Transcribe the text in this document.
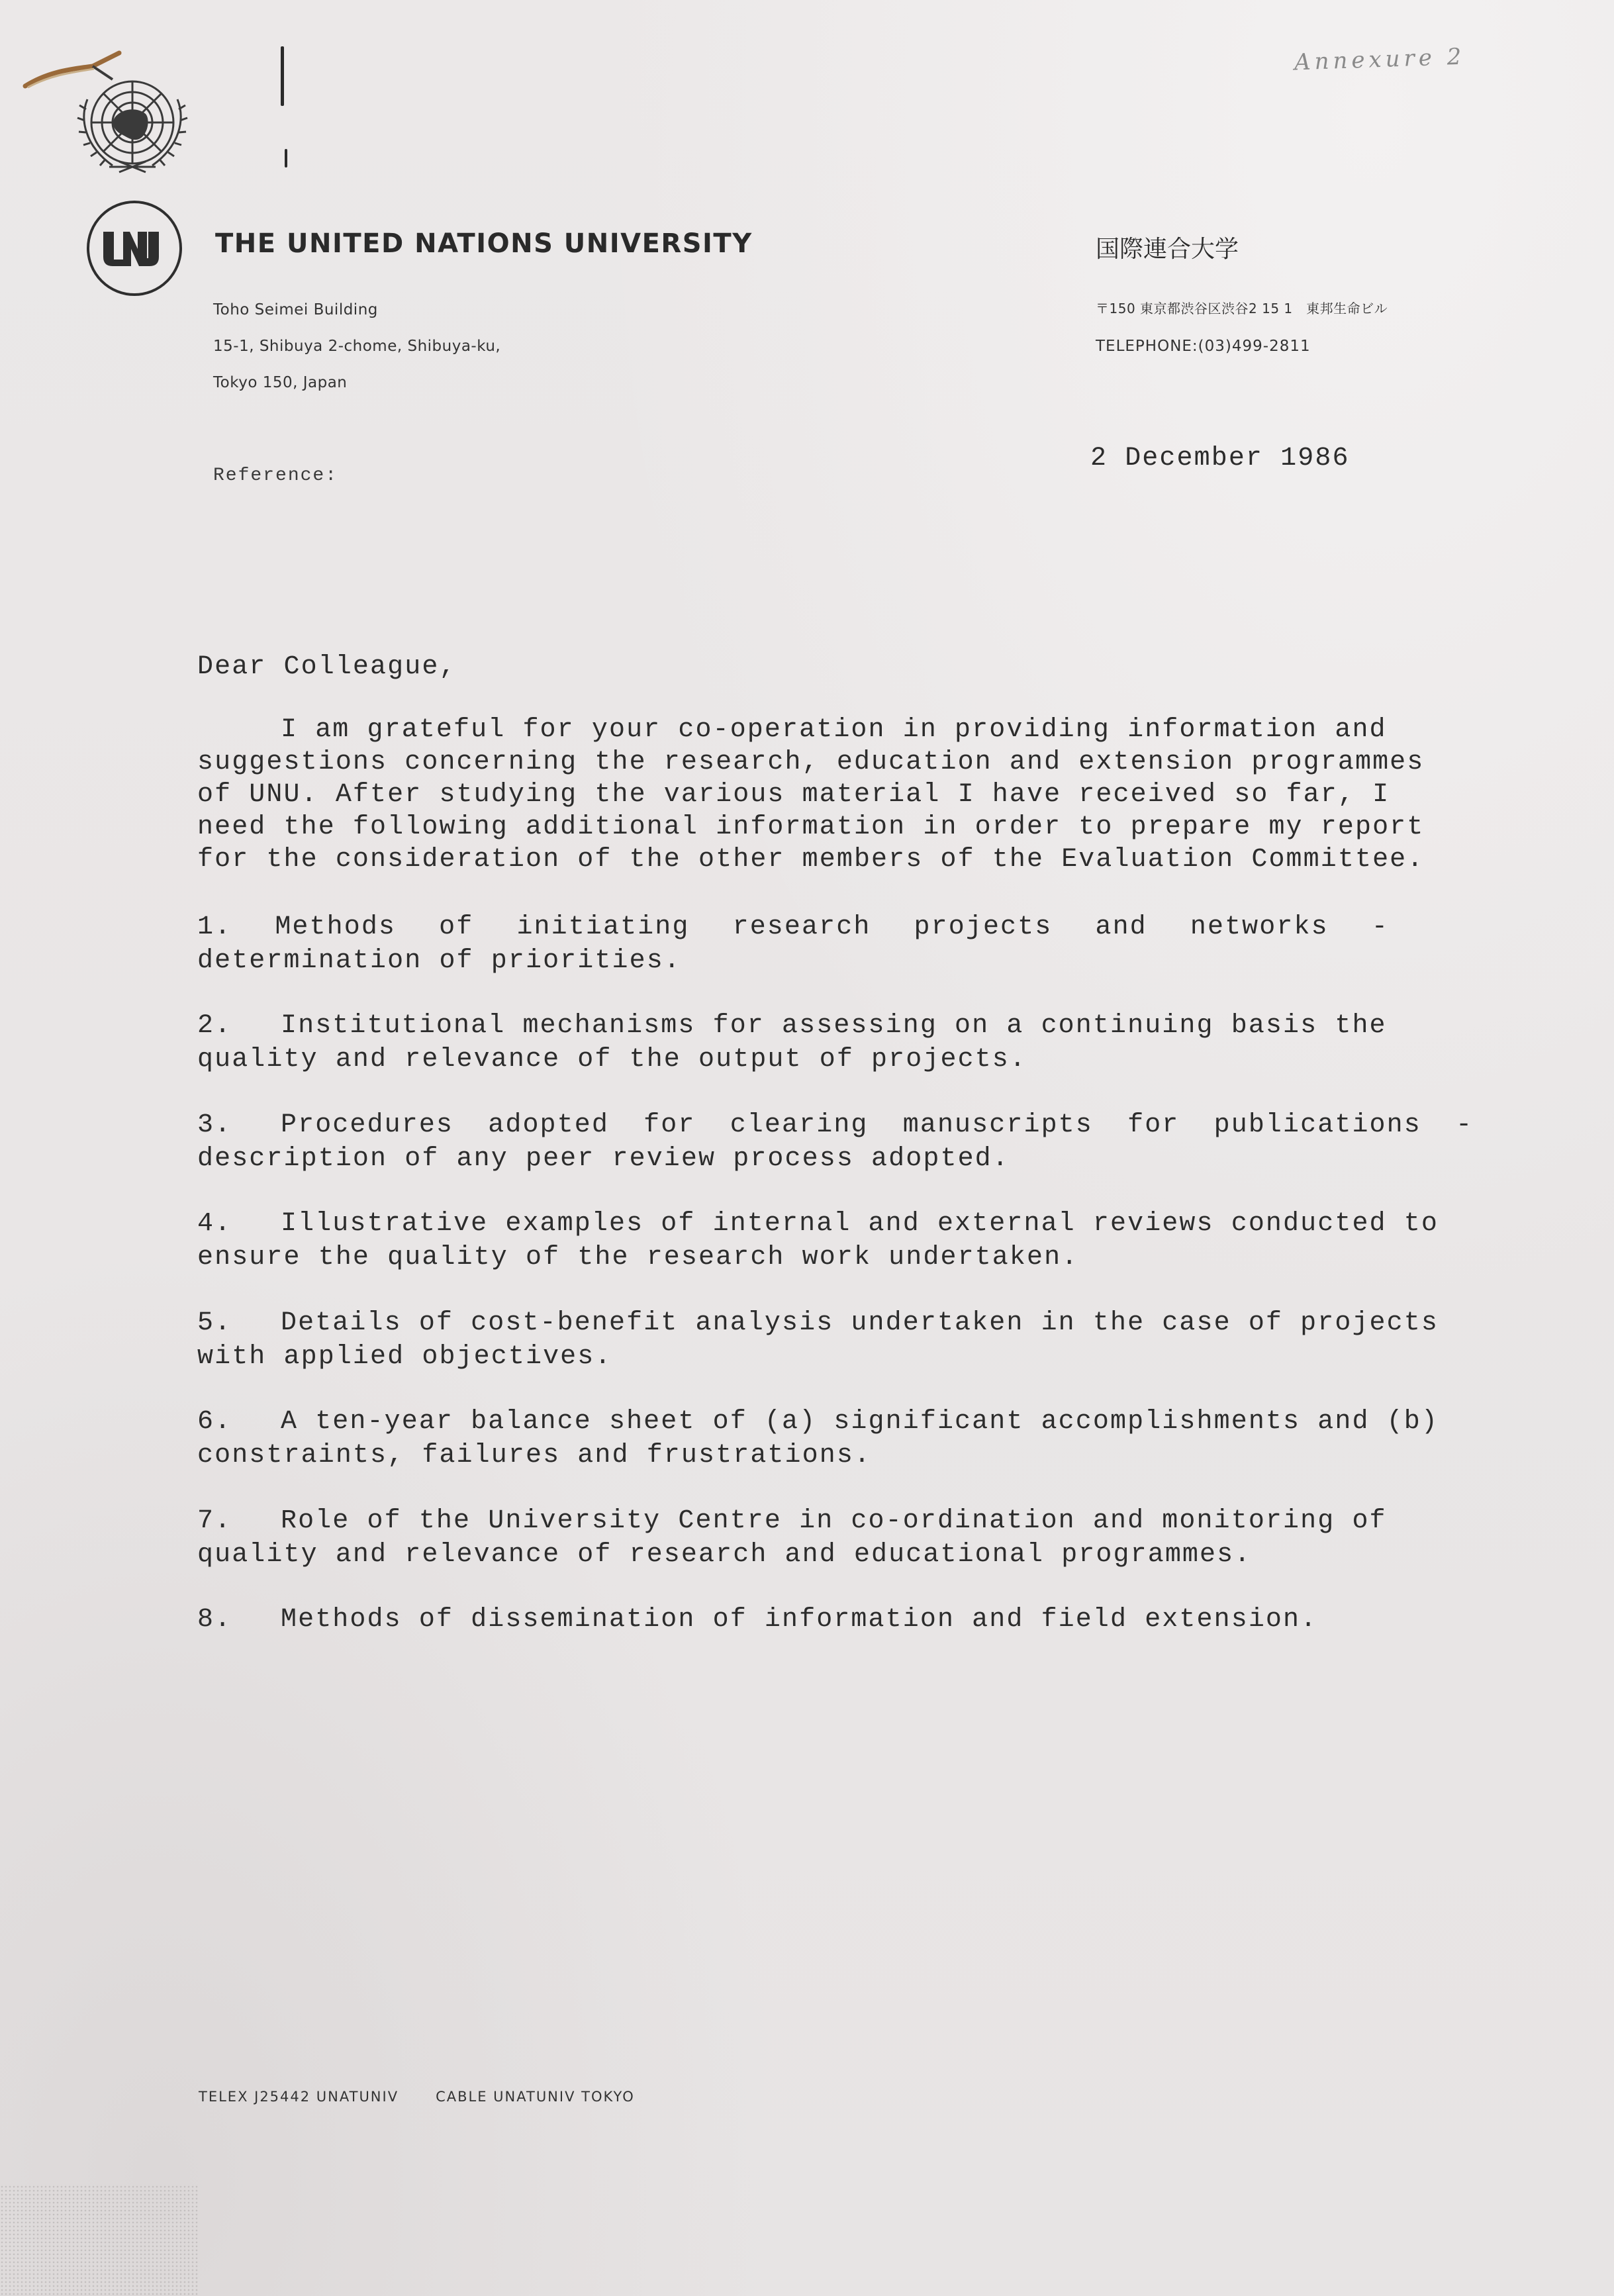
Annexure 2
THE UNITED NATIONS UNIVERSITY	国際連合大学
Toho Seimei Building
15-1, Shibuya 2-chome, Shibuya-ku,
Tokyo 150, Japan
〒150 東京都渋谷区渋谷2 15 1　東邦生命ビル
TELEPHONE:(03)499-2811
Reference:
2 December 1986
Dear Colleague,
I am grateful for your co-operation in providing information and
suggestions concerning the research, education and extension programmes
of UNU. After studying the various material I have received so far, I
need the following additional information in order to prepare my report
for the consideration of the other members of the Evaluation Committee.
1. Methods of initiating research projects and networks -
determination of priorities.
2. Institutional mechanisms for assessing on a continuing basis the
quality and relevance of the output of projects.
3. Procedures  adopted  for  clearing  manuscripts  for  publications  -
description of any peer review process adopted.
4. Illustrative examples of internal and external reviews conducted to
ensure the quality of the research work undertaken.
5. Details of cost-benefit analysis undertaken in the case of projects
with applied objectives.
6. A ten-year balance sheet of (a) significant accomplishments and (b)
constraints, failures and frustrations.
7. Role of the University Centre in co-ordination and monitoring of
quality and relevance of research and educational programmes.
8. Methods of dissemination of information and field extension.
TELEX J25442 UNATUNIV	CABLE UNATUNIV TOKYO
